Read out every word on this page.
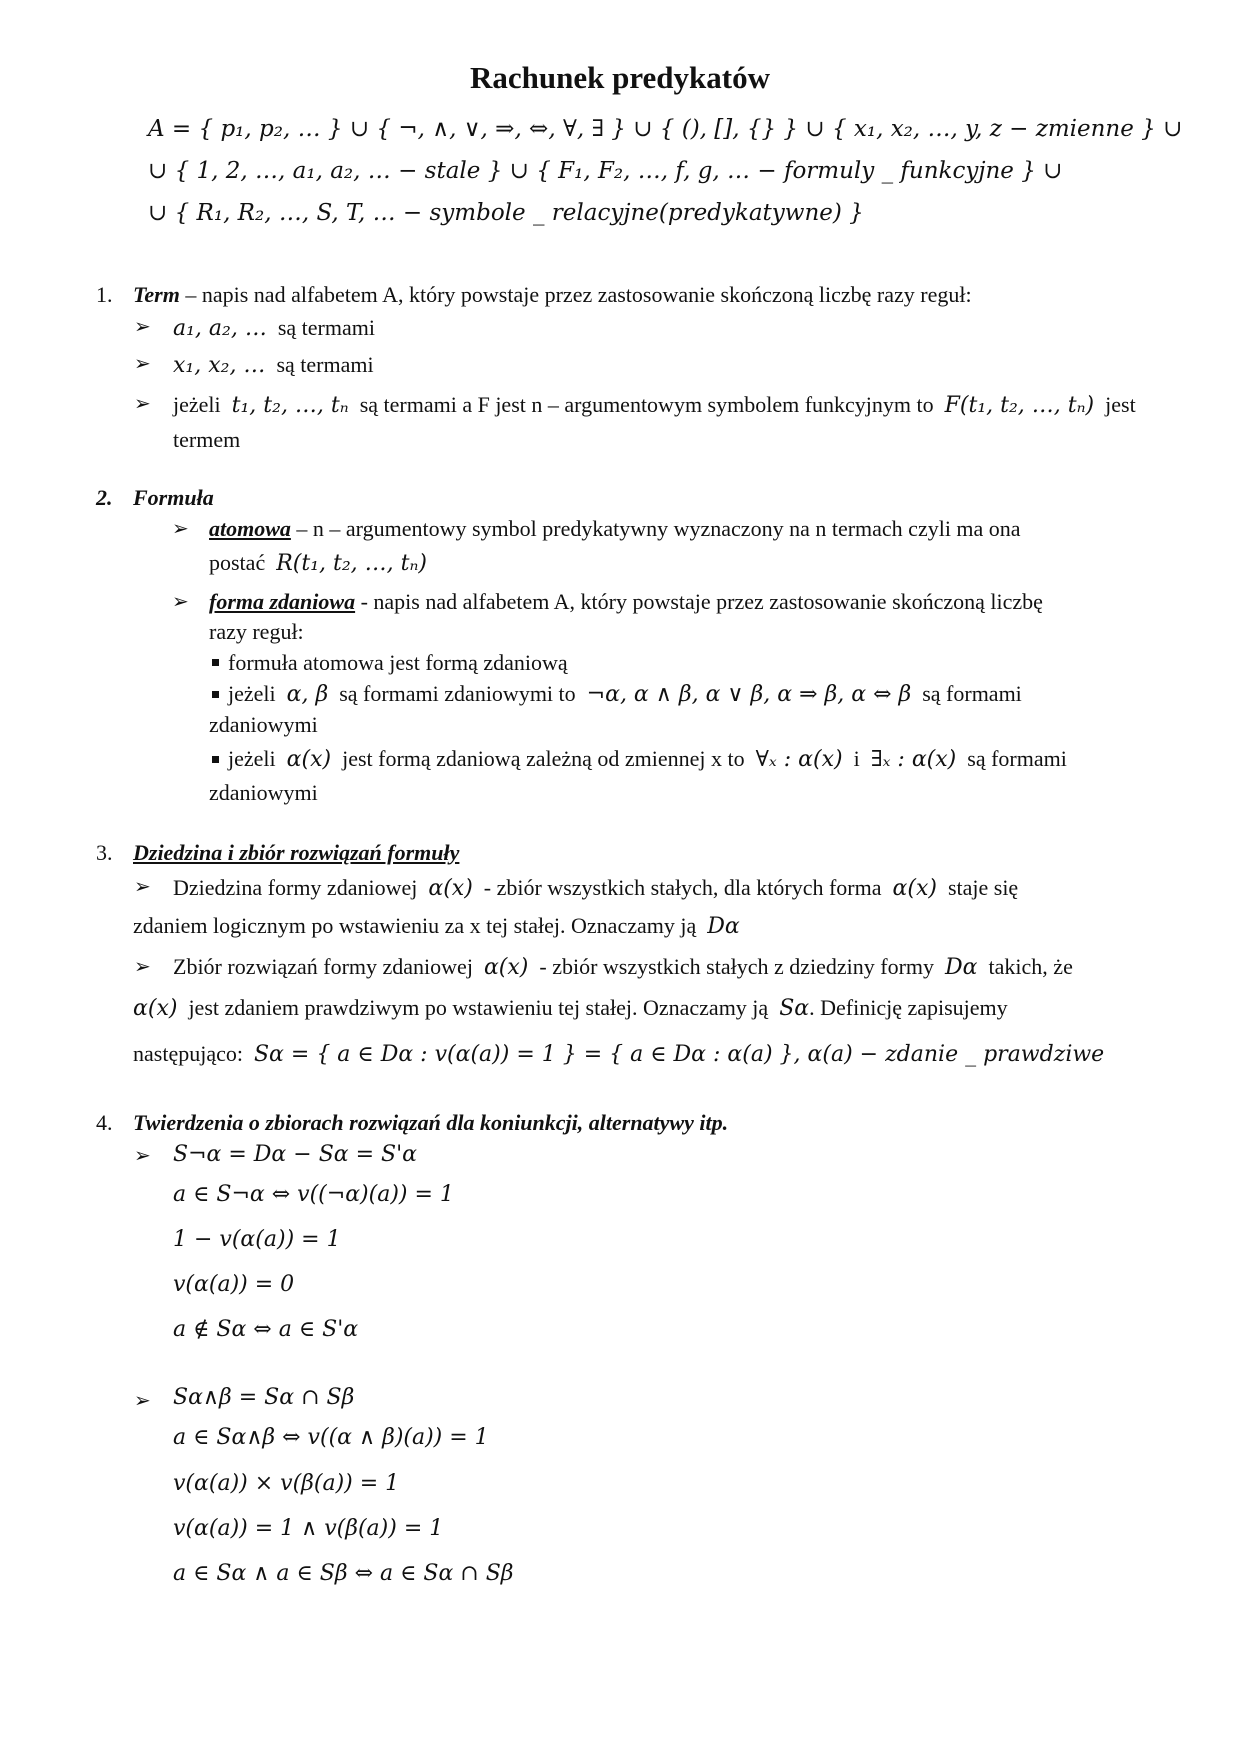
Rachunek predykatów
A = { p₁, p₂, … } ∪ { ¬, ∧, ∨, ⇒, ⇔, ∀, ∃ } ∪ { (), [], {} } ∪ { x₁, x₂, …, y, z − zmienne } ∪
∪ { 1, 2, …, a₁, a₂, … − stale } ∪ { F₁, F₂, …, f, g, … − formuly _ funkcyjne } ∪
∪ { R₁, R₂, …, S, T, … − symbole _ relacyjne(predykatywne) }
1. Term – napis nad alfabetem A, który powstaje przez zastosowanie skończoną liczbę razy reguł:
➢ a₁, a₂, … są termami
➢ x₁, x₂, … są termami
➢ jeżeli t₁, t₂, …, tₙ są termami a F jest n – argumentowym symbolem funkcyjnym to F(t₁, t₂, …, tₙ) jest
termem
2. Formuła
➢ atomowa – n – argumentowy symbol predykatywny wyznaczony na n termach czyli ma ona
postać R(t₁, t₂, …, tₙ)
➢ forma zdaniowa - napis nad alfabetem A, który powstaje przez zastosowanie skończoną liczbę
razy reguł:
formuła atomowa jest formą zdaniową
jeżeli α, β są formami zdaniowymi to ¬α, α ∧ β, α ∨ β, α ⇒ β, α ⇔ β są formami
zdaniowymi
jeżeli α(x) jest formą zdaniową zależną od zmiennej x to ∀ₓ : α(x) i ∃ₓ : α(x) są formami
zdaniowymi
3. Dziedzina i zbiór rozwiązań formuły
➢ Dziedzina formy zdaniowej α(x) - zbiór wszystkich stałych, dla których forma α(x) staje się
zdaniem logicznym po wstawieniu za x tej stałej. Oznaczamy ją Dα
➢ Zbiór rozwiązań formy zdaniowej α(x) - zbiór wszystkich stałych z dziedziny formy Dα takich, że
α(x) jest zdaniem prawdziwym po wstawieniu tej stałej. Oznaczamy ją Sα. Definicję zapisujemy
następująco: Sα = { a ∈ Dα : v(α(a)) = 1 } = { a ∈ Dα : α(a) }, α(a) − zdanie _ prawdziwe
4. Twierdzenia o zbiorach rozwiązań dla koniunkcji, alternatywy itp.
➢ S¬α = Dα − Sα = S'α
a ∈ S¬α ⇔ v((¬α)(a)) = 1
1 − v(α(a)) = 1
v(α(a)) = 0
a ∉ Sα ⇔ a ∈ S'α
➢ Sα∧β = Sα ∩ Sβ
a ∈ Sα∧β ⇔ v((α ∧ β)(a)) = 1
v(α(a)) × v(β(a)) = 1
v(α(a)) = 1 ∧ v(β(a)) = 1
a ∈ Sα ∧ a ∈ Sβ ⇔ a ∈ Sα ∩ Sβ
